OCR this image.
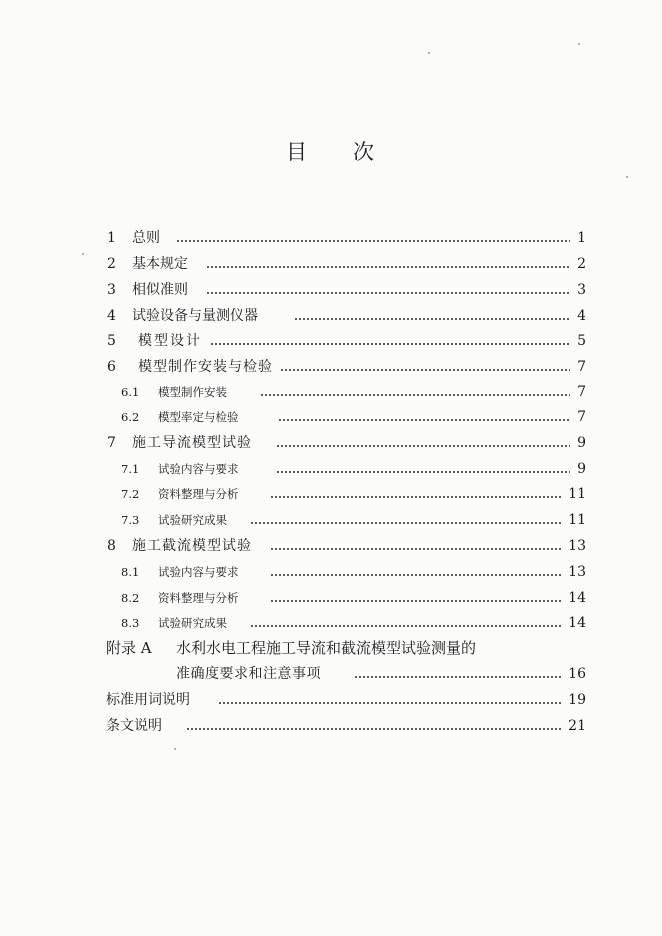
目 次
1 总则	1
2 基本规定	2
3 相似准则	3
4 试验设备与量测仪器	4
5 模型设计	5
6 模型制作安装与检验	7
6.1 模型制作安装	7
6.2 模型率定与检验	7
7 施工导流模型试验	9
7.1 试验内容与要求	9
7.2 资料整理与分析	11
7.3 试验研究成果	11
8 施工截流模型试验	13
8.1 试验内容与要求	13
8.2 资料整理与分析	14
8.3 试验研究成果	14
附录 A 水利水电工程施工导流和截流模型试验测量的
准确度要求和注意事项	16
标准用词说明	19
条文说明	21
